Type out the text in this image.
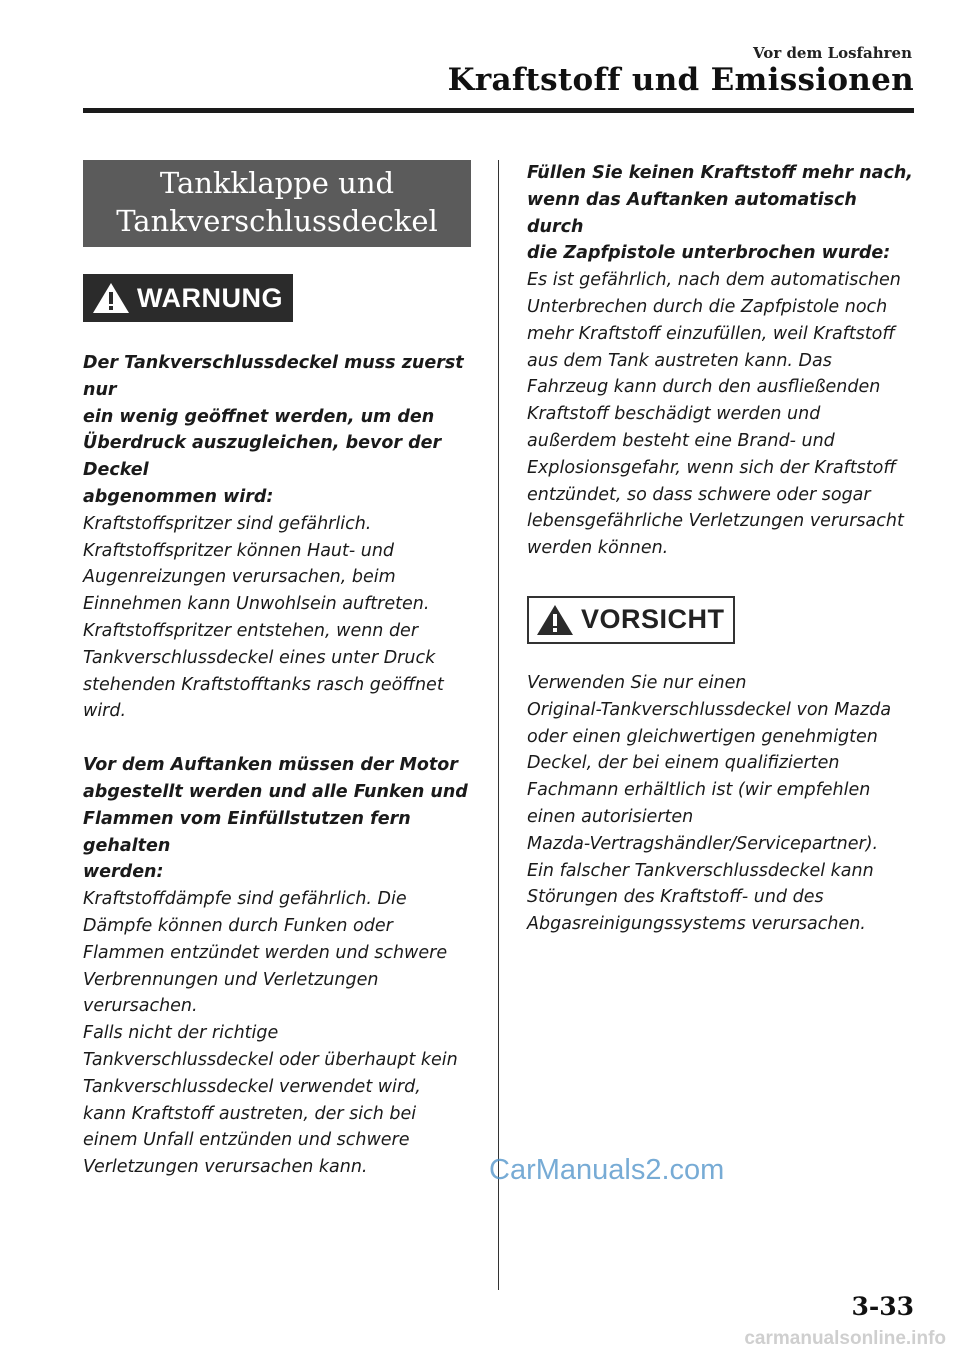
Vor dem Losfahren
Kraftstoff und Emissionen
Tankklappe und
Tankverschlussdeckel
WARNUNG

Der Tankverschlussdeckel muss zuerst nur
ein wenig geöffnet werden, um den
Überdruck auszugleichen, bevor der Deckel
abgenommen wird:
Kraftstoffspritzer sind gefährlich.
Kraftstoffspritzer können Haut- und
Augenreizungen verursachen, beim
Einnehmen kann Unwohlsein auftreten.
Kraftstoffspritzer entstehen, wenn der
Tankverschlussdeckel eines unter Druck
stehenden Kraftstofftanks rasch geöffnet
wird.

Vor dem Auftanken müssen der Motor
abgestellt werden und alle Funken und
Flammen vom Einfüllstutzen fern gehalten
werden:
Kraftstoffdämpfe sind gefährlich. Die
Dämpfe können durch Funken oder
Flammen entzündet werden und schwere
Verbrennungen und Verletzungen
verursachen.
Falls nicht der richtige
Tankverschlussdeckel oder überhaupt kein
Tankverschlussdeckel verwendet wird,
kann Kraftstoff austreten, der sich bei
einem Unfall entzünden und schwere
Verletzungen verursachen kann.

Füllen Sie keinen Kraftstoff mehr nach,
wenn das Auftanken automatisch durch
die Zapfpistole unterbrochen wurde:
Es ist gefährlich, nach dem automatischen
Unterbrechen durch die Zapfpistole noch
mehr Kraftstoff einzufüllen, weil Kraftstoff
aus dem Tank austreten kann. Das
Fahrzeug kann durch den ausfließenden
Kraftstoff beschädigt werden und
außerdem besteht eine Brand- und
Explosionsgefahr, wenn sich der Kraftstoff
entzündet, so dass schwere oder sogar
lebensgefährliche Verletzungen verursacht
werden können.

VORSICHT

Verwenden Sie nur einen
Original-Tankverschlussdeckel von Mazda
oder einen gleichwertigen genehmigten
Deckel, der bei einem qualifizierten
Fachmann erhältlich ist (wir empfehlen
einen autorisierten
Mazda-Vertragshändler/Servicepartner).
Ein falscher Tankverschlussdeckel kann
Störungen des Kraftstoff- und des
Abgasreinigungssystems verursachen.

CarManuals2.com
3-33
carmanualsonline.info
